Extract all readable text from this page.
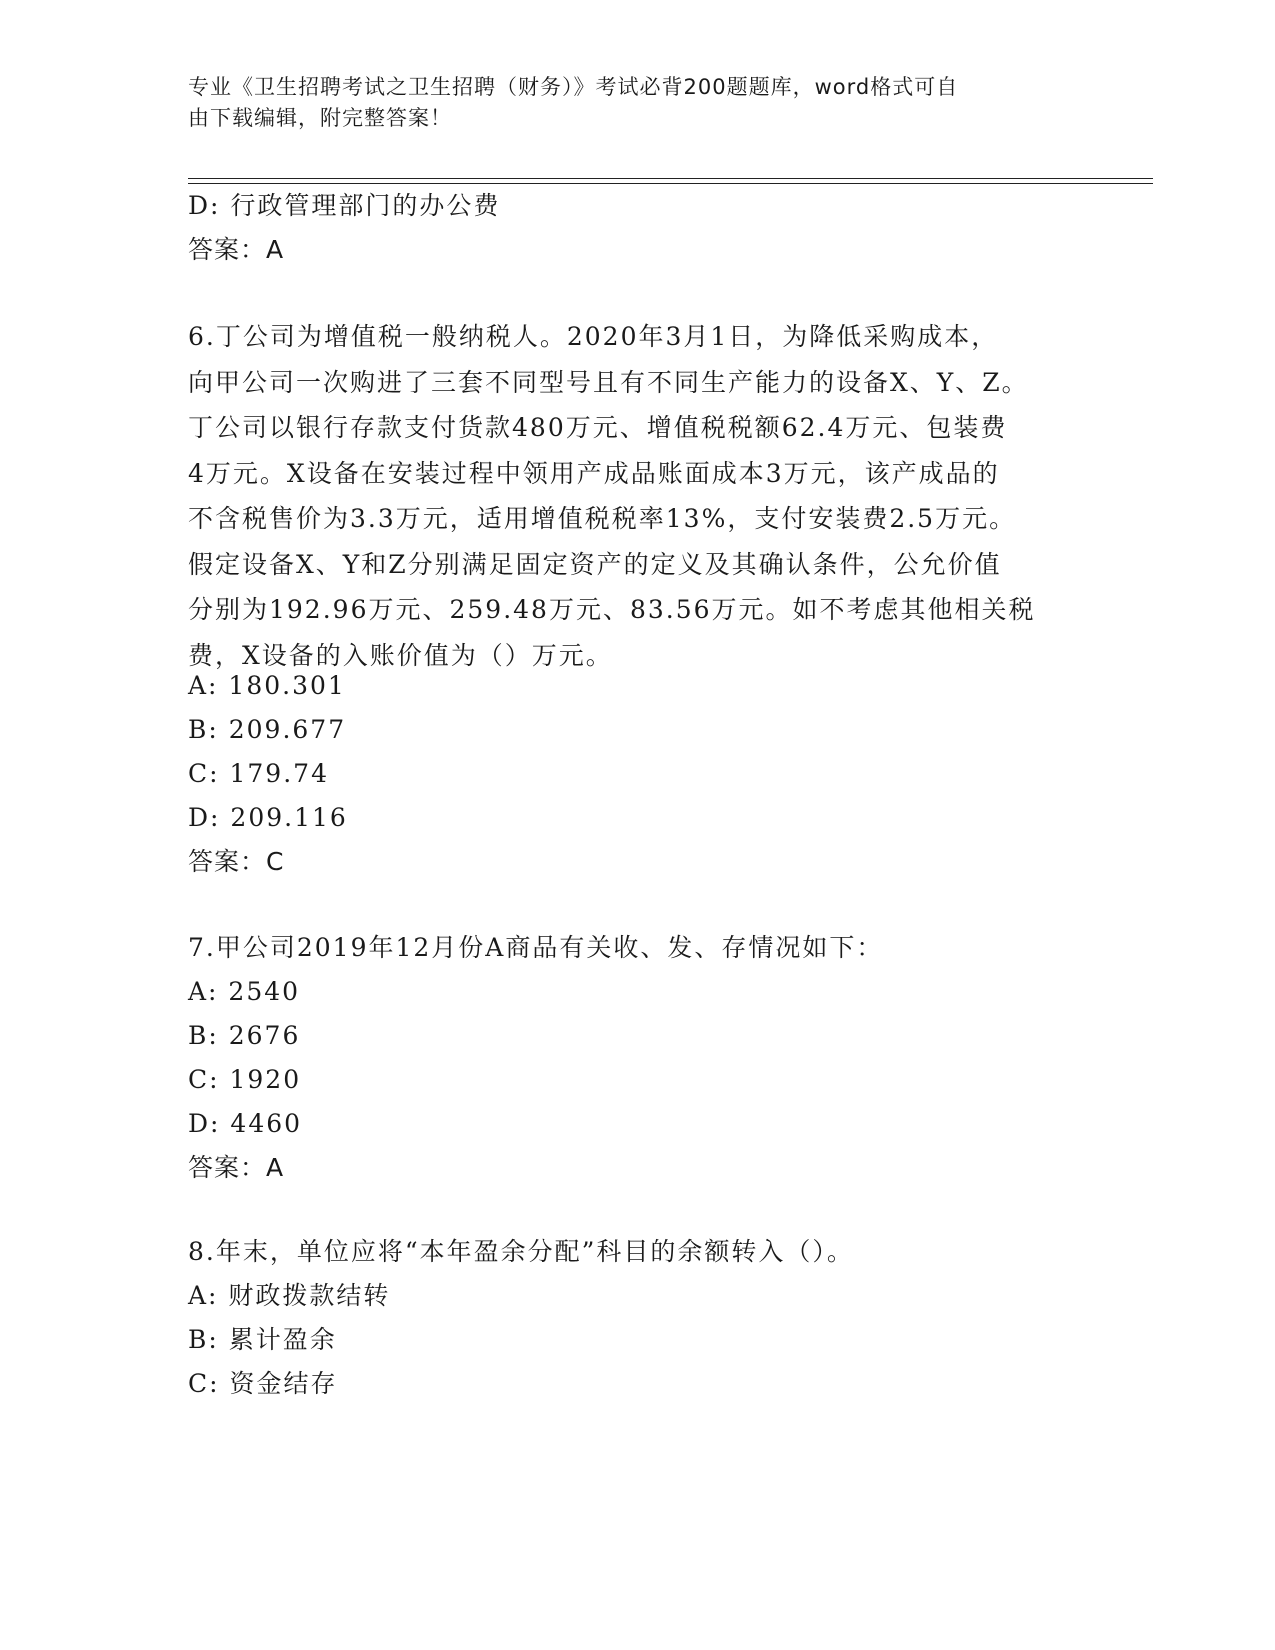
专业《卫生招聘考试之卫生招聘（财务）》考试必背200题题库，word格式可自
由下载编辑，附完整答案！
D: 行政管理部门的办公费
答案：A
6.丁公司为增值税一般纳税人。2020年3月1日，为降低采购成本，
向甲公司一次购进了三套不同型号且有不同生产能力的设备X、Y、Z。
丁公司以银行存款支付货款480万元、增值税税额62.4万元、包装费
4万元。X设备在安装过程中领用产成品账面成本3万元，该产成品的
不含税售价为3.3万元，适用增值税税率13%，支付安装费2.5万元。
假定设备X、Y和Z分别满足固定资产的定义及其确认条件，公允价值
分别为192.96万元、259.48万元、83.56万元。如不考虑其他相关税
费，X设备的入账价值为（）万元。
A: 180.301
B: 209.677
C: 179.74
D: 209.116
答案：C
7.甲公司2019年12月份A商品有关收、发、存情况如下：
A: 2540
B: 2676
C: 1920
D: 4460
答案：A
8.年末，单位应将“本年盈余分配”科目的余额转入（）。
A: 财政拨款结转
B: 累计盈余
C: 资金结存
